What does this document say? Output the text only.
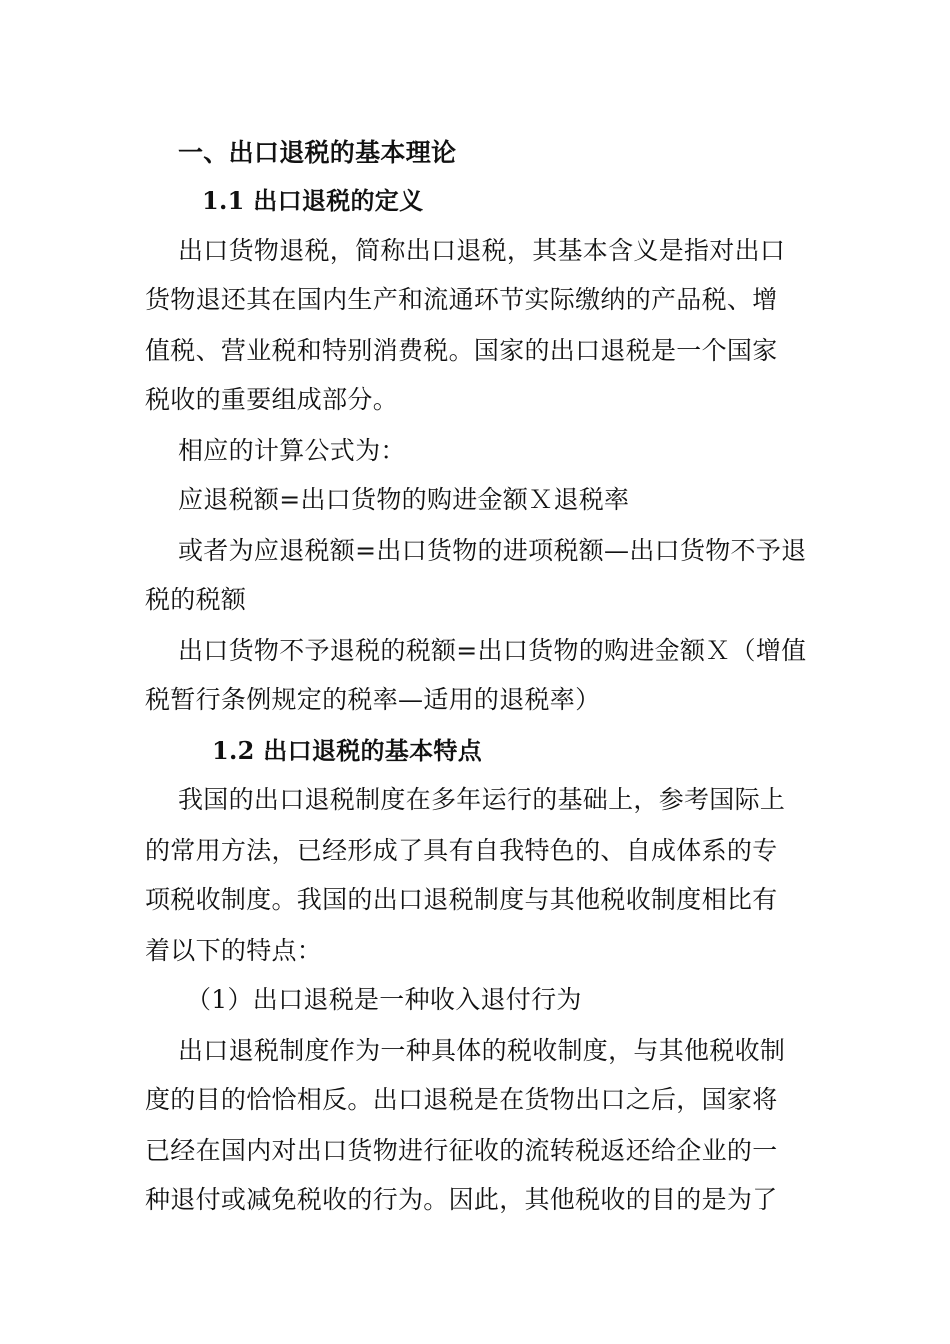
一、出口退税的基本理论
1.1 出口退税的定义
出口货物退税，简称出口退税，其基本含义是指对出口
货物退还其在国内生产和流通环节实际缴纳的产品税、增
值税、营业税和特别消费税。国家的出口退税是一个国家
税收的重要组成部分。
相应的计算公式为：
应退税额=出口货物的购进金额Ｘ退税率
或者为应退税额=出口货物的进项税额—出口货物不予退
税的税额
出口货物不予退税的税额=出口货物的购进金额Ｘ（增值
税暂行条例规定的税率—适用的退税率）
1.2 出口退税的基本特点
我国的出口退税制度在多年运行的基础上，参考国际上
的常用方法，已经形成了具有自我特色的、自成体系的专
项税收制度。我国的出口退税制度与其他税收制度相比有
着以下的特点：
（1）出口退税是一种收入退付行为
出口退税制度作为一种具体的税收制度，与其他税收制
度的目的恰恰相反。出口退税是在货物出口之后，国家将
已经在国内对出口货物进行征收的流转税返还给企业的一
种退付或减免税收的行为。因此，其他税收的目的是为了
